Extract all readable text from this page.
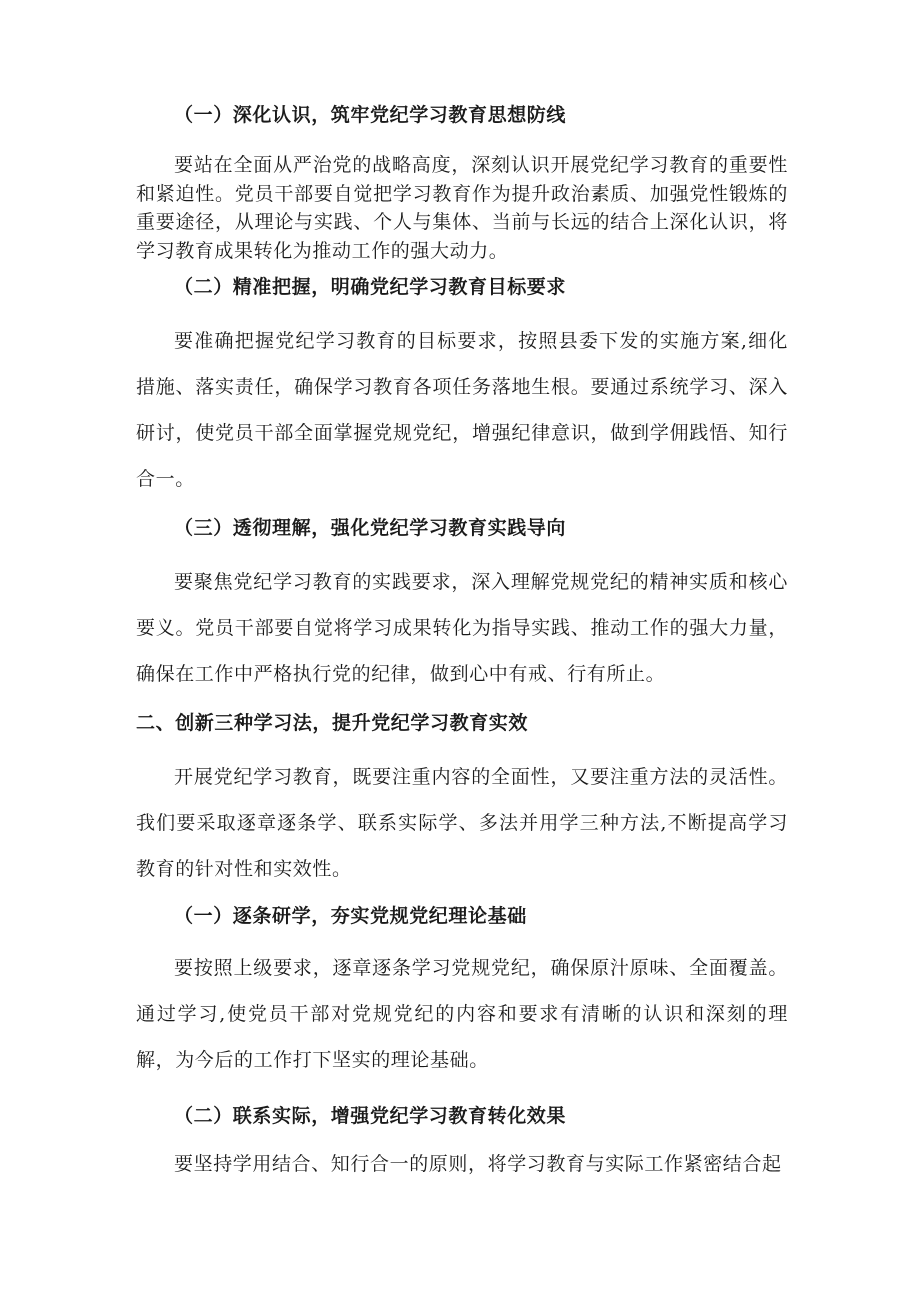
（一）深化认识，筑牢党纪学习教育思想防线

要站在全面从严治党的战略高度，深刻认识开展党纪学习教育的重要性和紧迫性。党员干部要自觉把学习教育作为提升政治素质、加强党性锻炼的重要途径，从理论与实践、个人与集体、当前与长远的结合上深化认识，将学习教育成果转化为推动工作的强大动力。

（二）精准把握，明确党纪学习教育目标要求

要准确把握党纪学习教育的目标要求，按照县委下发的实施方案,细化措施、落实责任，确保学习教育各项任务落地生根。要通过系统学习、深入研讨，使党员干部全面掌握党规党纪，增强纪律意识，做到学佣践悟、知行合一。

（三）透彻理解，强化党纪学习教育实践导向

要聚焦党纪学习教育的实践要求，深入理解党规党纪的精神实质和核心要义。党员干部要自觉将学习成果转化为指导实践、推动工作的强大力量，确保在工作中严格执行党的纪律，做到心中有戒、行有所止。

二、创新三种学习法，提升党纪学习教育实效

开展党纪学习教育，既要注重内容的全面性，又要注重方法的灵活性。我们要采取逐章逐条学、联系实际学、多法并用学三种方法,不断提高学习教育的针对性和实效性。

（一）逐条研学，夯实党规党纪理论基础

要按照上级要求，逐章逐条学习党规党纪，确保原汁原味、全面覆盖。通过学习,使党员干部对党规党纪的内容和要求有清晰的认识和深刻的理解，为今后的工作打下坚实的理论基础。

（二）联系实际，增强党纪学习教育转化效果

要坚持学用结合、知行合一的原则，将学习教育与实际工作紧密结合起
